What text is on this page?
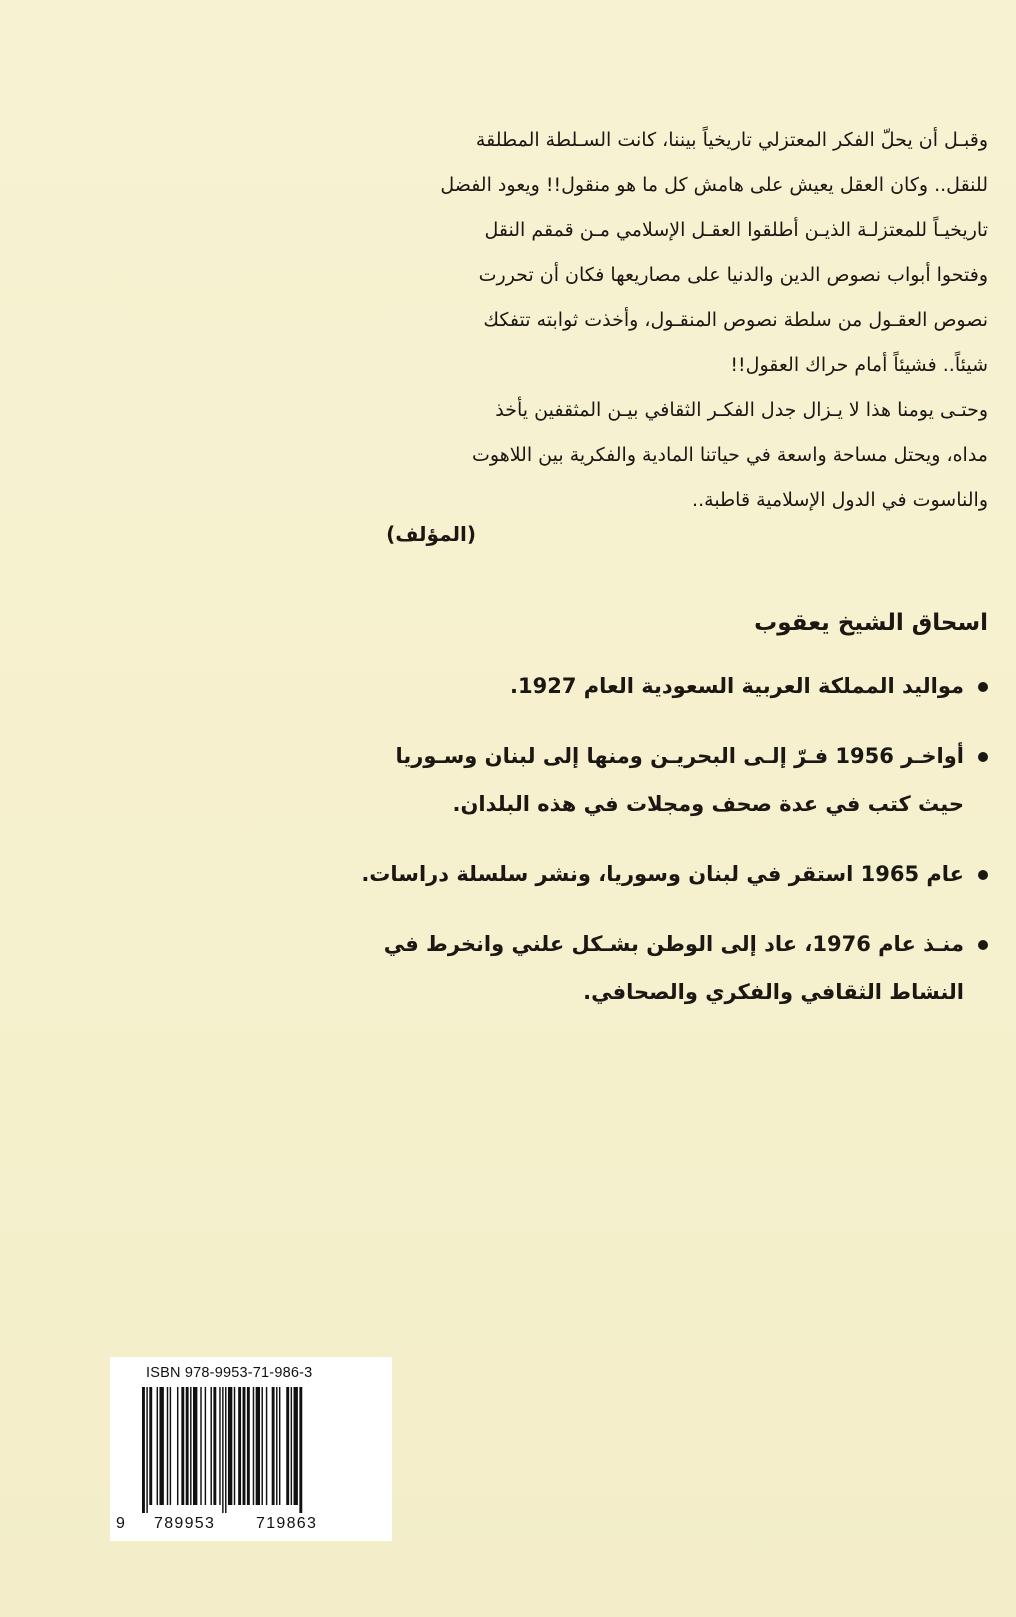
وقبـل أن يحلّ الفكر المعتزلي تاريخياً بيننا، كانت السـلطة المطلقة
للنقل.. وكان العقل يعيش على هامش كل ما هو منقول!! ويعود الفضل
تاريخيـاً للمعتزلـة الذيـن أطلقوا العقـل الإسلامي مـن قمقم النقل
وفتحوا أبواب نصوص الدين والدنيا على مصاريعها فكان أن تحررت
نصوص العقـول من سلطة نصوص المنقـول، وأخذت ثوابته تتفكك
شيئاً.. فشيئاً أمام حراك العقول!!
وحتـى يومنا هذا لا يـزال جدل الفكـر الثقافي بيـن المثقفين يأخذ
مداه، ويحتل مساحة واسعة في حياتنا المادية والفكرية بين اللاهوت
والناسوت في الدول الإسلامية قاطبة..
(المؤلف)
اسحاق الشيخ يعقوب
مواليد المملكة العربية السعودية العام 1927.
أواخـر 1956 فـرّ إلـى البحريـن ومنها إلى لبنان وسـوريا
حيث كتب في عدة صحف ومجلات في هذه البلدان.
عام 1965 استقر في لبنان وسوريا، ونشر سلسلة دراسات.
منـذ عام 1976، عاد إلى الوطن بشـكل علني وانخرط في
النشاط الثقافي والفكري والصحافي.
ISBN 978-9953-71-986-3
9 789953	719863
